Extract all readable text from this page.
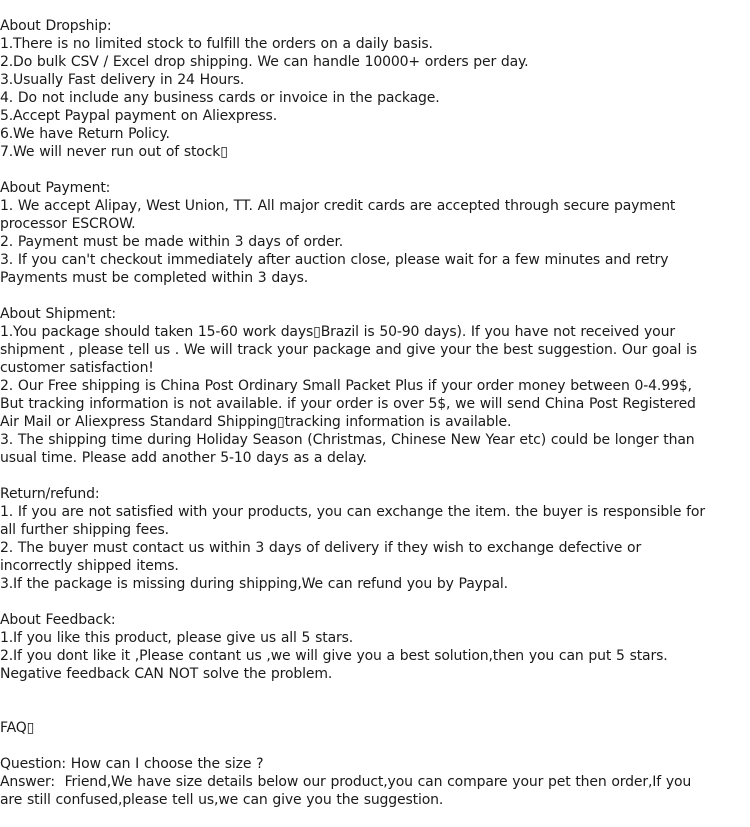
About Dropship:
1.There is no limited stock to fulfill the orders on a daily basis.
2.Do bulk CSV / Excel drop shipping. We can handle 10000+ orders per day.
3.Usually Fast delivery in 24 Hours.
4. Do not include any business cards or invoice in the package.
5.Accept Paypal payment on Aliexpress.
6.We have Return Policy.
7.We will never run out of stock▯
About Payment:
1. We accept Alipay, West Union, TT. All major credit cards are accepted through secure payment
processor ESCROW.
2. Payment must be made within 3 days of order.
3. If you can't checkout immediately after auction close, please wait for a few minutes and retry
Payments must be completed within 3 days.
About Shipment:
1.You package should taken 15-60 work days▯Brazil is 50-90 days). If you have not received your
shipment , please tell us . We will track your package and give your the best suggestion. Our goal is
customer satisfaction!
2. Our Free shipping is China Post Ordinary Small Packet Plus if your order money between 0-4.99$,
But tracking information is not available. if your order is over 5$, we will send China Post Registered
Air Mail or Aliexpress Standard Shipping▯tracking information is available.
3. The shipping time during Holiday Season (Christmas, Chinese New Year etc) could be longer than
usual time. Please add another 5-10 days as a delay.
Return/refund:
1. If you are not satisfied with your products, you can exchange the item. the buyer is responsible for
all further shipping fees.
2. The buyer must contact us within 3 days of delivery if they wish to exchange defective or
incorrectly shipped items.
3.If the package is missing during shipping,We can refund you by Paypal.
About Feedback:
1.If you like this product, please give us all 5 stars.
2.If you dont like it ,Please contant us ,we will give you a best solution,then you can put 5 stars.
Negative feedback CAN NOT solve the problem.
FAQ▯
Question: How can I choose the size ?
Answer:  Friend,We have size details below our product,you can compare your pet then order,If you
are still confused,please tell us,we can give you the suggestion.
